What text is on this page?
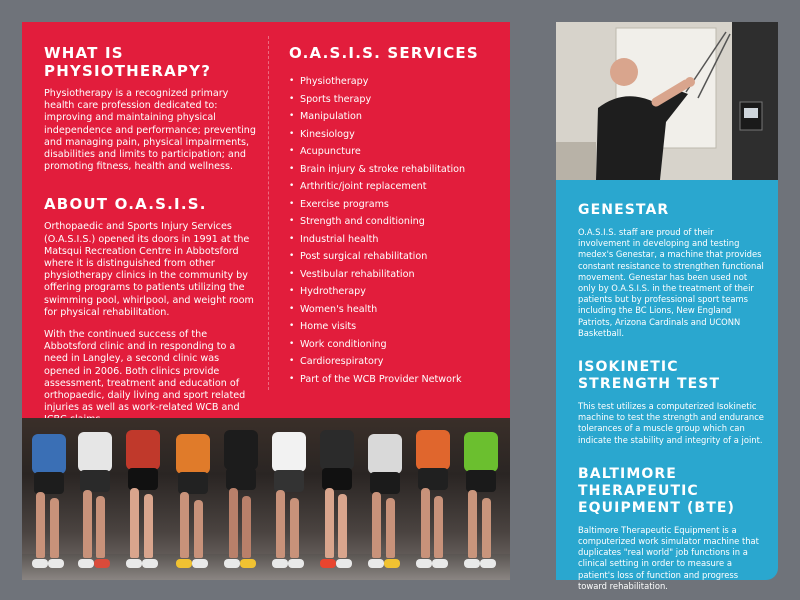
WHAT IS PHYSIOTHERAPY?

Physiotherapy is a recognized primary health care profession dedicated to: improving and maintaining physical independence and performance; preventing and managing pain, physical impairments, disabilities and limits to participation; and promoting fitness, health and wellness.

ABOUT O.A.S.I.S.

Orthopaedic and Sports Injury Services (O.A.S.I.S.) opened its doors in 1991 at the Matsqui Recreation Centre in Abbotsford where it is distinguished from other physiotherapy clinics in the community by offering programs to patients utilizing the swimming pool, whirlpool, and weight room for physical rehabilitation.

With the continued success of the Abbotsford clinic and in responding to a need in Langley, a second clinic was opened in 2006. Both clinics provide assessment, treatment and education of orthopaedic, daily living and sport related injuries as well as work-related WCB and

O.A.S.I.S. SERVICES
• Physiotherapy
• Sports therapy
• Manipulation
• Kinesiology
• Acupuncture
• Brain injury & stroke rehabilitation
• Arthritic/joint replacement
• Exercise programs
• Strength and conditioning
• Industrial health
• Post surgical rehabilitation
• Vestibular rehabilitation
• Hydrotherapy
• Women's health
• Home visits
• Work conditioning
• Cardiorespiratory
• Part of the WCB Provider Network
GENESTAR

O.A.S.I.S. staff are proud of their involvement in developing and testing medex's Genestar, a machine that provides constant resistance to strengthen functional movement. Genestar has been used not only by O.A.S.I.S. in the treatment of their patients but by professional sport teams including the BC Lions, New England Patriots, Arizona Cardinals and UCONN Basketball.

ISOKINETIC
STRENGTH TEST

This test utilizes a computerized Isokinetic machine to test the strength and endurance tolerances of a muscle group which can indicate the stability and integrity of a joint.

BALTIMORE
THERAPEUTIC
EQUIPMENT (BTE)

Baltimore Therapeutic Equipment is a computerized work simulator machine that duplicates "real world" job functions in a clinical setting in order to measure a patient's loss of function and progress toward rehabilitation.
